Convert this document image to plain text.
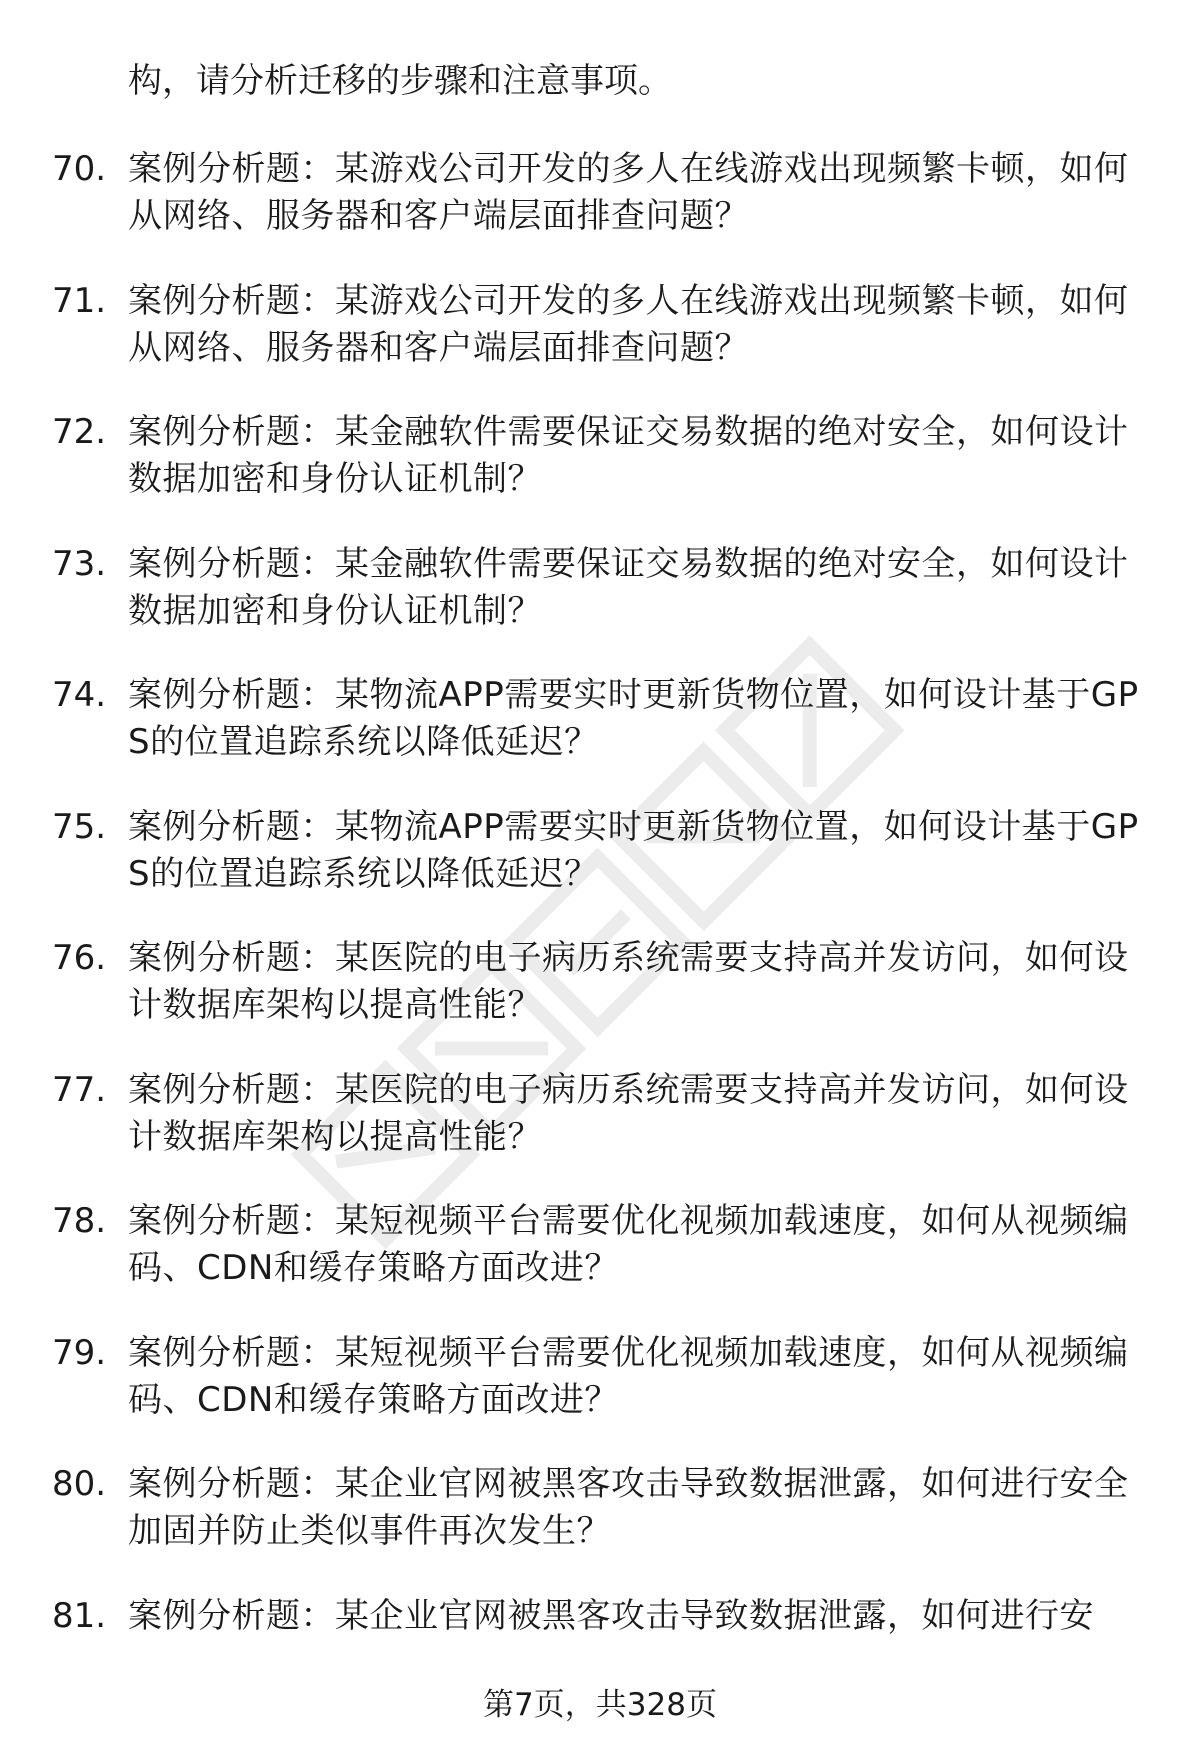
构，请分析迁移的步骤和注意事项。
70. 案例分析题：某游戏公司开发的多人在线游戏出现频繁卡顿，如何从网络、服务器和客户端层面排查问题？
71. 案例分析题：某游戏公司开发的多人在线游戏出现频繁卡顿，如何从网络、服务器和客户端层面排查问题？
72. 案例分析题：某金融软件需要保证交易数据的绝对安全，如何设计数据加密和身份认证机制？
73. 案例分析题：某金融软件需要保证交易数据的绝对安全，如何设计数据加密和身份认证机制？
74. 案例分析题：某物流APP需要实时更新货物位置，如何设计基于GPS的位置追踪系统以降低延迟？
75. 案例分析题：某物流APP需要实时更新货物位置，如何设计基于GPS的位置追踪系统以降低延迟？
76. 案例分析题：某医院的电子病历系统需要支持高并发访问，如何设计数据库架构以提高性能？
77. 案例分析题：某医院的电子病历系统需要支持高并发访问，如何设计数据库架构以提高性能？
78. 案例分析题：某短视频平台需要优化视频加载速度，如何从视频编码、CDN和缓存策略方面改进？
79. 案例分析题：某短视频平台需要优化视频加载速度，如何从视频编码、CDN和缓存策略方面改进？
80. 案例分析题：某企业官网被黑客攻击导致数据泄露，如何进行安全加固并防止类似事件再次发生？
81. 案例分析题：某企业官网被黑客攻击导致数据泄露，如何进行安
第7页，共328页
